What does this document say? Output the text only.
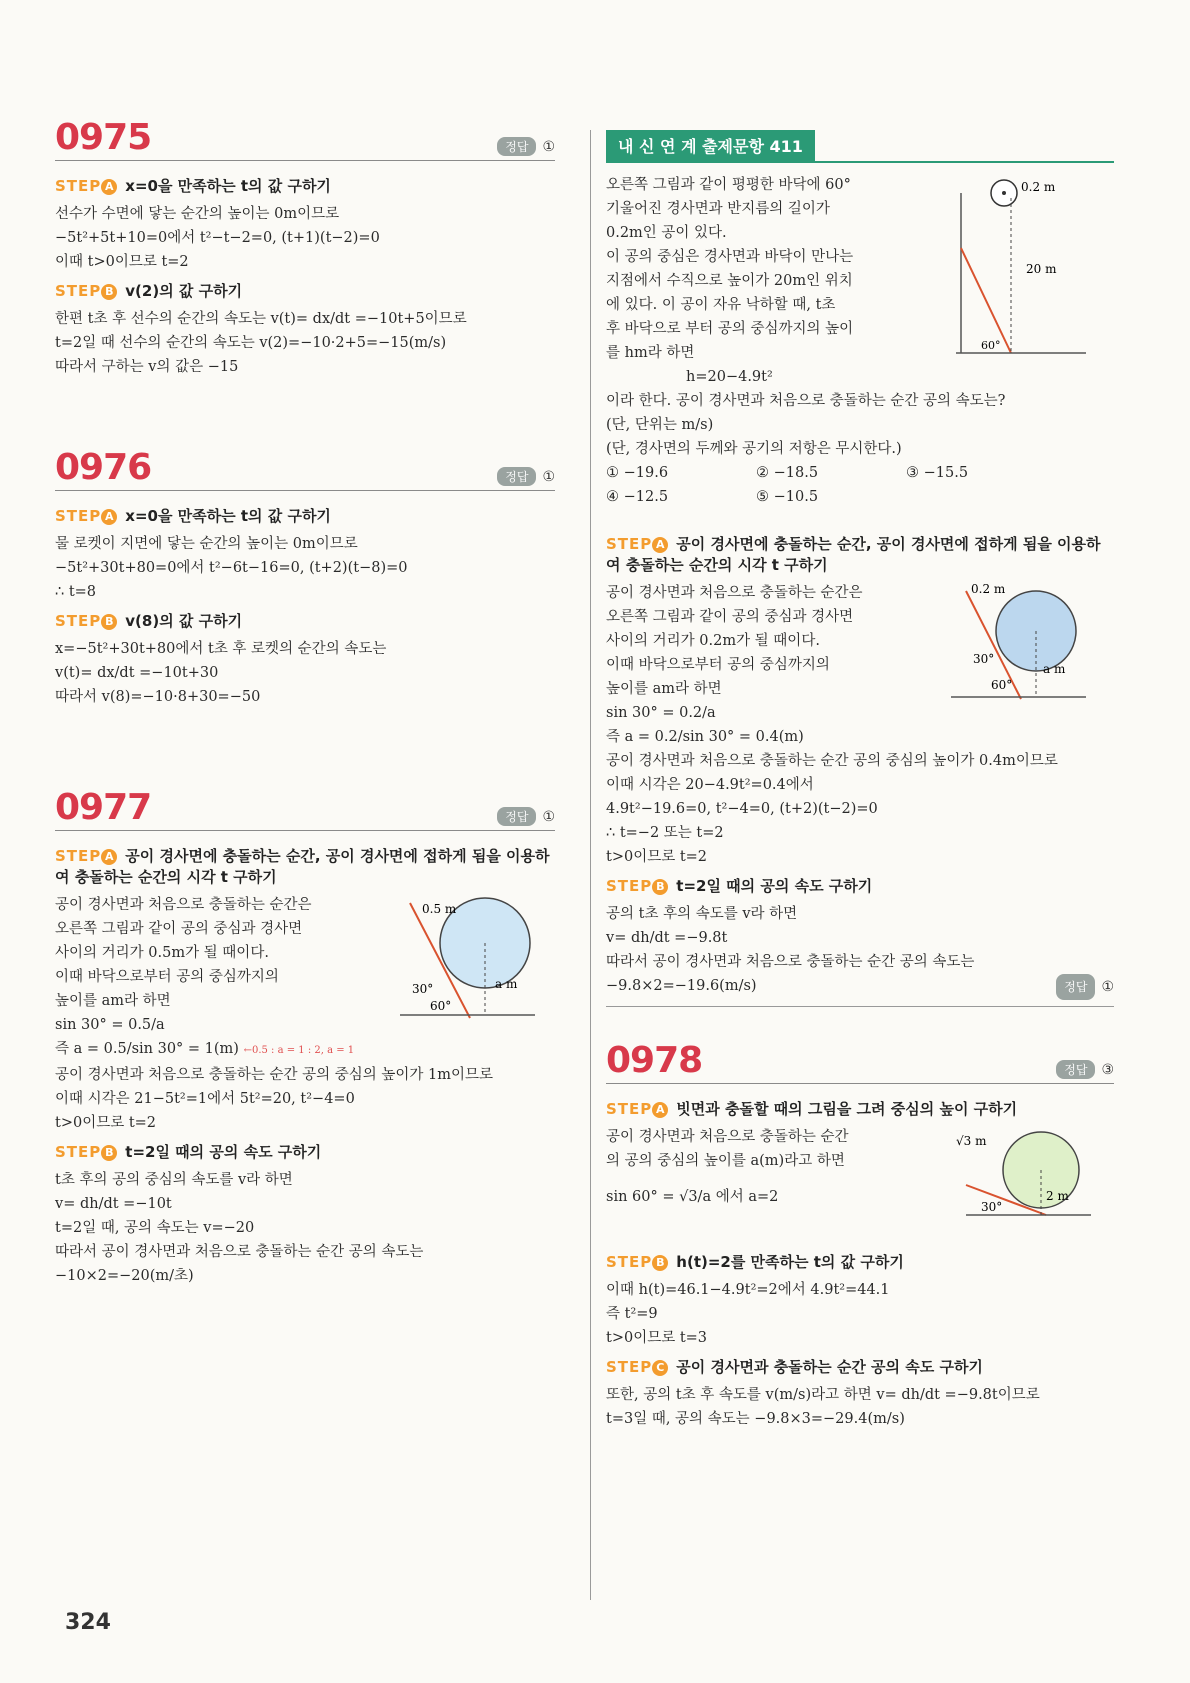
0975	정답	①
STEP A x=0을 만족하는 t의 값 구하기
선수가 수면에 닿는 순간의 높이는 0m이므로
−5t²+5t+10=0에서 t²−t−2=0, (t+1)(t−2)=0
이때 t>0이므로 t=2
STEP B v(2)의 값 구하기
한편 t초 후 선수의 순간의 속도는 v(t)= dx/dt =−10t+5이므로
t=2일 때 선수의 순간의 속도는 v(2)=−10·2+5=−15(m/s)
따라서 구하는 v의 값은 −15
0976	정답	①
STEP A x=0을 만족하는 t의 값 구하기
물 로켓이 지면에 닿는 순간의 높이는 0m이므로
−5t²+30t+80=0에서 t²−6t−16=0, (t+2)(t−8)=0
∴ t=8
STEP B v(8)의 값 구하기
x=−5t²+30t+80에서 t초 후 로켓의 순간의 속도는
v(t)= dx/dt =−10t+30
따라서 v(8)=−10·8+30=−50
0977	정답	①
STEP A 공이 경사면에 충돌하는 순간, 공이 경사면에 접하게 됨을 이용하여 충돌하는 순간의 시각 t 구하기
공이 경사면과 처음으로 충돌하는 순간은
오른쪽 그림과 같이 공의 중심과 경사면
사이의 거리가 0.5m가 될 때이다.
이때 바닥으로부터 공의 중심까지의
높이를 am라 하면
sin 30° = 0.5/a
즉 a = 0.5/sin 30° = 1(m) ←0.5 : a = 1 : 2, a = 1
0.5 m
a m
30°
60°
공이 경사면과 처음으로 충돌하는 순간 공의 중심의 높이가 1m이므로
이때 시각은 21−5t²=1에서 5t²=20, t²−4=0
t>0이므로 t=2
STEP B t=2일 때의 공의 속도 구하기
t초 후의 공의 중심의 속도를 v라 하면
v= dh/dt =−10t
t=2일 때, 공의 속도는 v=−20
따라서 공이 경사면과 처음으로 충돌하는 순간 공의 속도는
−10×2=−20(m/초)
내 신 연 계 출제문항 411
오른쪽 그림과 같이 평평한 바닥에 60°
기울어진 경사면과 반지름의 길이가
0.2m인 공이 있다.
이 공의 중심은 경사면과 바닥이 만나는
지점에서 수직으로 높이가 20m인 위치
에 있다. 이 공이 자유 낙하할 때, t초
후 바닥으로 부터 공의 중심까지의 높이
를 hm라 하면
h=20−4.9t²
0.2 m
20 m
60°
이라 한다. 공이 경사면과 처음으로 충돌하는 순간 공의 속도는?
(단, 단위는 m/s)
(단, 경사면의 두께와 공기의 저항은 무시한다.)
① −19.6	② −18.5	③ −15.5
④ −12.5	⑤ −10.5
STEP A 공이 경사면에 충돌하는 순간, 공이 경사면에 접하게 됨을 이용하여 충돌하는 순간의 시각 t 구하기
공이 경사면과 처음으로 충돌하는 순간은
오른쪽 그림과 같이 공의 중심과 경사면
사이의 거리가 0.2m가 될 때이다.
이때 바닥으로부터 공의 중심까지의
높이를 am라 하면
sin 30° = 0.2/a
즉 a = 0.2/sin 30° = 0.4(m)
0.2 m
a m
30°
60°
공이 경사면과 처음으로 충돌하는 순간 공의 중심의 높이가 0.4m이므로
이때 시각은 20−4.9t²=0.4에서
4.9t²−19.6=0, t²−4=0, (t+2)(t−2)=0
∴ t=−2 또는 t=2
t>0이므로 t=2
STEP B t=2일 때의 공의 속도 구하기
공의 t초 후의 속도를 v라 하면
v= dh/dt =−9.8t
따라서 공이 경사면과 처음으로 충돌하는 순간 공의 속도는
−9.8×2=−19.6(m/s)	정답	①
0978	정답	③
STEP A 빗면과 충돌할 때의 그림을 그려 중심의 높이 구하기
공이 경사면과 처음으로 충돌하는 순간
의 공의 중심의 높이를 a(m)라고 하면
sin 60° = √3/a 에서 a=2
√3 m
2 m
30°
STEP B h(t)=2를 만족하는 t의 값 구하기
이때 h(t)=46.1−4.9t²=2에서 4.9t²=44.1
즉 t²=9
t>0이므로 t=3
STEP C 공이 경사면과 충돌하는 순간 공의 속도 구하기
또한, 공의 t초 후 속도를 v(m/s)라고 하면 v= dh/dt =−9.8t이므로
t=3일 때, 공의 속도는 −9.8×3=−29.4(m/s)
324
